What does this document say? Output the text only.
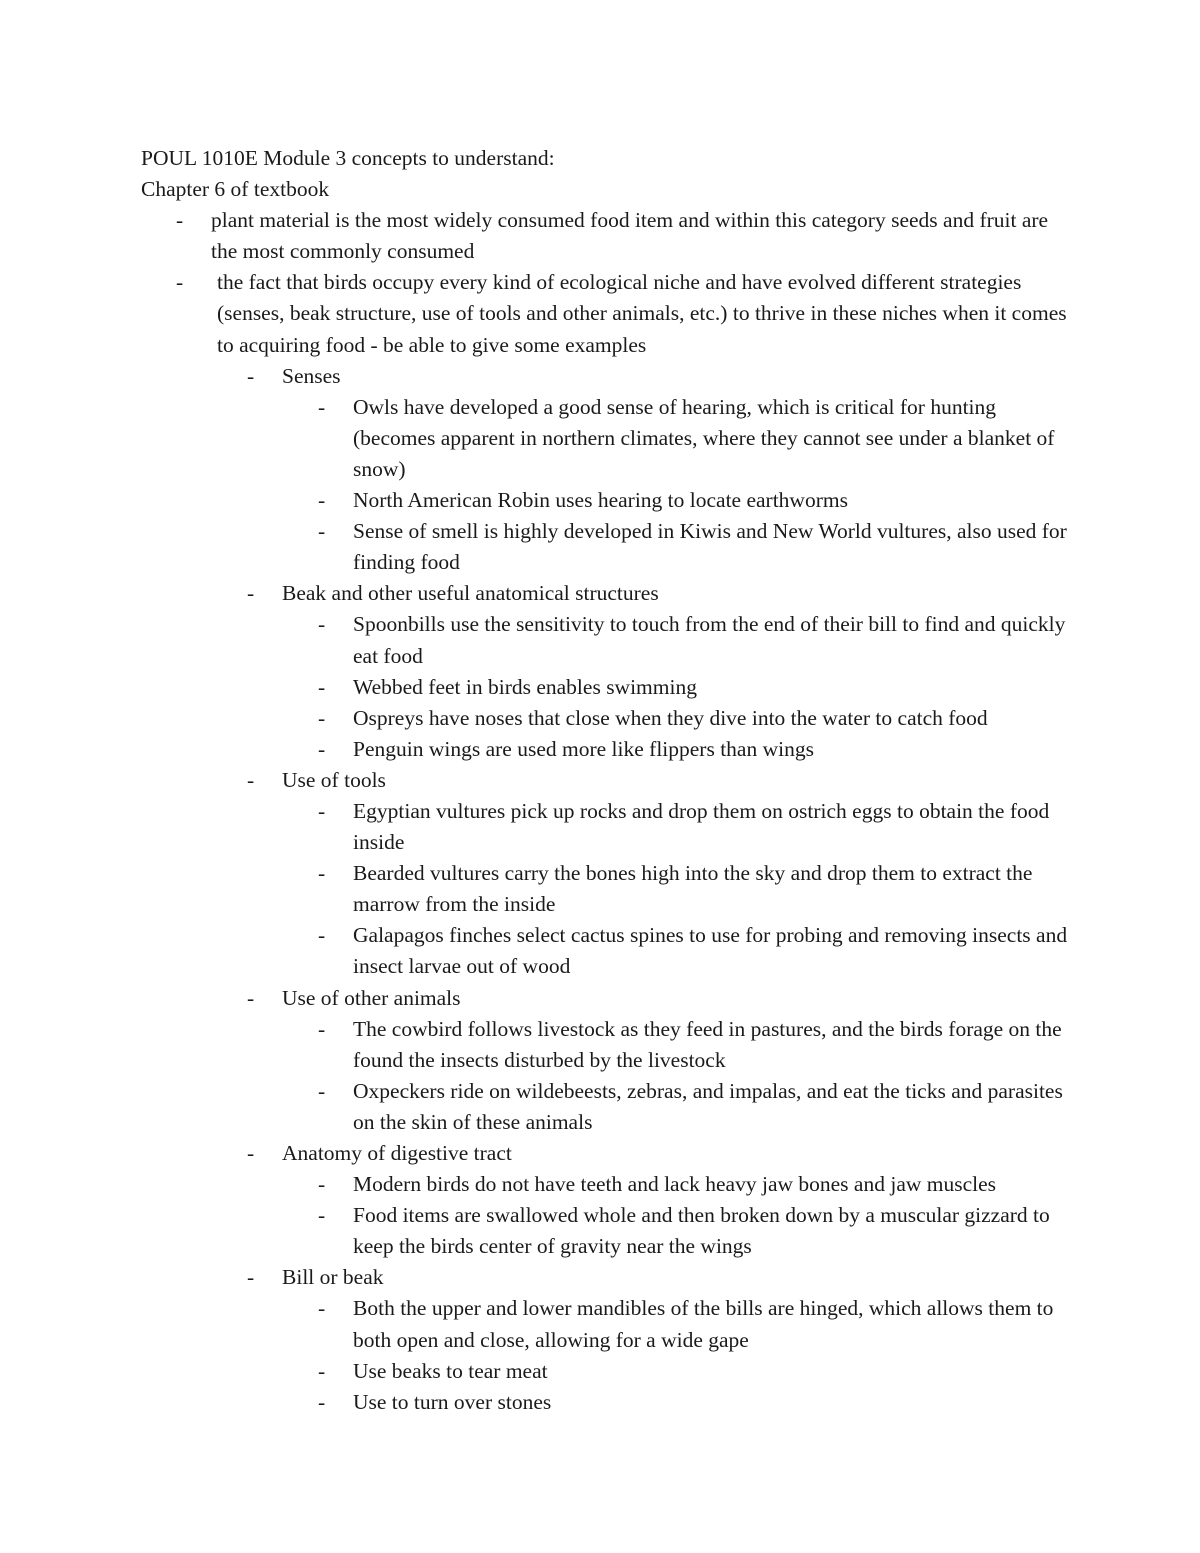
POUL 1010E Module 3 concepts to understand:

Chapter 6 of textbook

- plant material is the most widely consumed food item and within this category seeds and fruit are the most commonly consumed
- the fact that birds occupy every kind of ecological niche and have evolved different strategies (senses, beak structure, use of tools and other animals, etc.) to thrive in these niches when it comes to acquiring food - be able to give some examples
- Senses
- Owls have developed a good sense of hearing, which is critical for hunting (becomes apparent in northern climates, where they cannot see under a blanket of snow)
- North American Robin uses hearing to locate earthworms
- Sense of smell is highly developed in Kiwis and New World vultures, also used for finding food
- Beak and other useful anatomical structures
- Spoonbills use the sensitivity to touch from the end of their bill to find and quickly eat food
- Webbed feet in birds enables swimming
- Ospreys have noses that close when they dive into the water to catch food
- Penguin wings are used more like flippers than wings
- Use of tools
- Egyptian vultures pick up rocks and drop them on ostrich eggs to obtain the food inside
- Bearded vultures carry the bones high into the sky and drop them to extract the marrow from the inside
- Galapagos finches select cactus spines to use for probing and removing insects and insect larvae out of wood
- Use of other animals
- The cowbird follows livestock as they feed in pastures, and the birds forage on the found the insects disturbed by the livestock
- Oxpeckers ride on wildebeests, zebras, and impalas, and eat the ticks and parasites on the skin of these animals
- Anatomy of digestive tract
- Modern birds do not have teeth and lack heavy jaw bones and jaw muscles
- Food items are swallowed whole and then broken down by a muscular gizzard to keep the birds center of gravity near the wings
- Bill or beak
- Both the upper and lower mandibles of the bills are hinged, which allows them to both open and close, allowing for a wide gape
- Use beaks to tear meat
- Use to turn over stones
